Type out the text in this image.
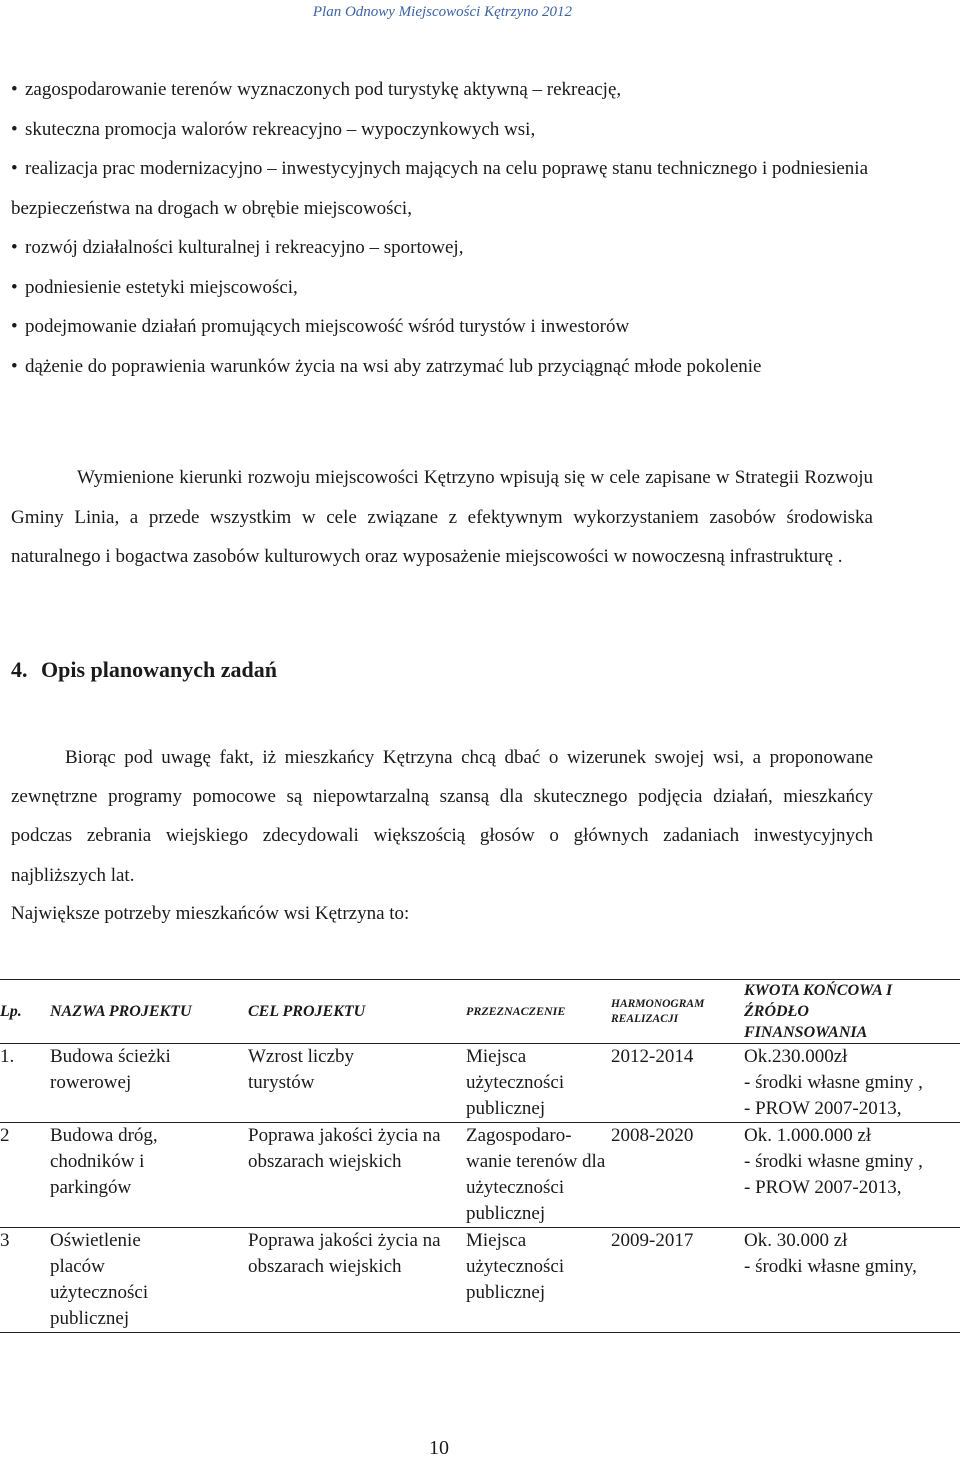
Plan Odnowy Miejscowości Kętrzyno 2012
• zagospodarowanie terenów wyznaczonych pod turystykę aktywną – rekreację,
• skuteczna promocja walorów rekreacyjno – wypoczynkowych wsi,
• realizacja prac modernizacyjno – inwestycyjnych mających na celu poprawę stanu technicznego i podniesienia bezpieczeństwa na drogach w obrębie miejscowości,
• rozwój działalności kulturalnej i rekreacyjno – sportowej,
• podniesienie estetyki miejscowości,
• podejmowanie działań promujących miejscowość wśród turystów i inwestorów
• dążenie do poprawienia warunków życia na wsi aby zatrzymać lub przyciągnąć młode pokolenie

Wymienione kierunki rozwoju miejscowości Kętrzyno wpisują się w cele zapisane w Strategii Rozwoju Gminy Linia, a przede wszystkim w cele związane z efektywnym wykorzystaniem zasobów środowiska naturalnego i bogactwa zasobów kulturowych oraz wyposażenie miejscowości w nowoczesną infrastrukturę .

4. Opis planowanych zadań

Biorąc pod uwagę fakt, iż mieszkańcy Kętrzyna chcą dbać o wizerunek swojej wsi, a proponowane zewnętrzne programy pomocowe są niepowtarzalną szansą dla skutecznego podjęcia działań, mieszkańcy podczas zebrania wiejskiego zdecydowali większością głosów o głównych zadaniach inwestycyjnych najbliższych lat.

Największe potrzeby mieszkańców wsi Kętrzyna to:

Lp.	NAZWA PROJEKTU	CEL PROJEKTU	PRZEZNACZENIE	HARMONOGRAM
REALIZACJI	KWOTA KOŃCOWA I
ŹRÓDŁO
FINANSOWANIA

1.	Budowa ścieżki rowerowej	Wzrost liczby turystów	Miejsca użyteczności publicznej	2012-2014	Ok.230.000zł
- środki własne gminy ,
- PROW 2007-2013,

2	Budowa dróg, chodników i parkingów	Poprawa jakości życia na obszarach wiejskich	Zagospodaro-wanie terenów dla użyteczności publicznej	2008-2020	Ok. 1.000.000 zł
- środki własne gminy ,
- PROW 2007-2013,

3	Oświetlenie placów użyteczności publicznej	Poprawa jakości życia na obszarach wiejskich	Miejsca użyteczności publicznej	2009-2017	Ok. 30.000 zł
- środki własne gminy,
10
